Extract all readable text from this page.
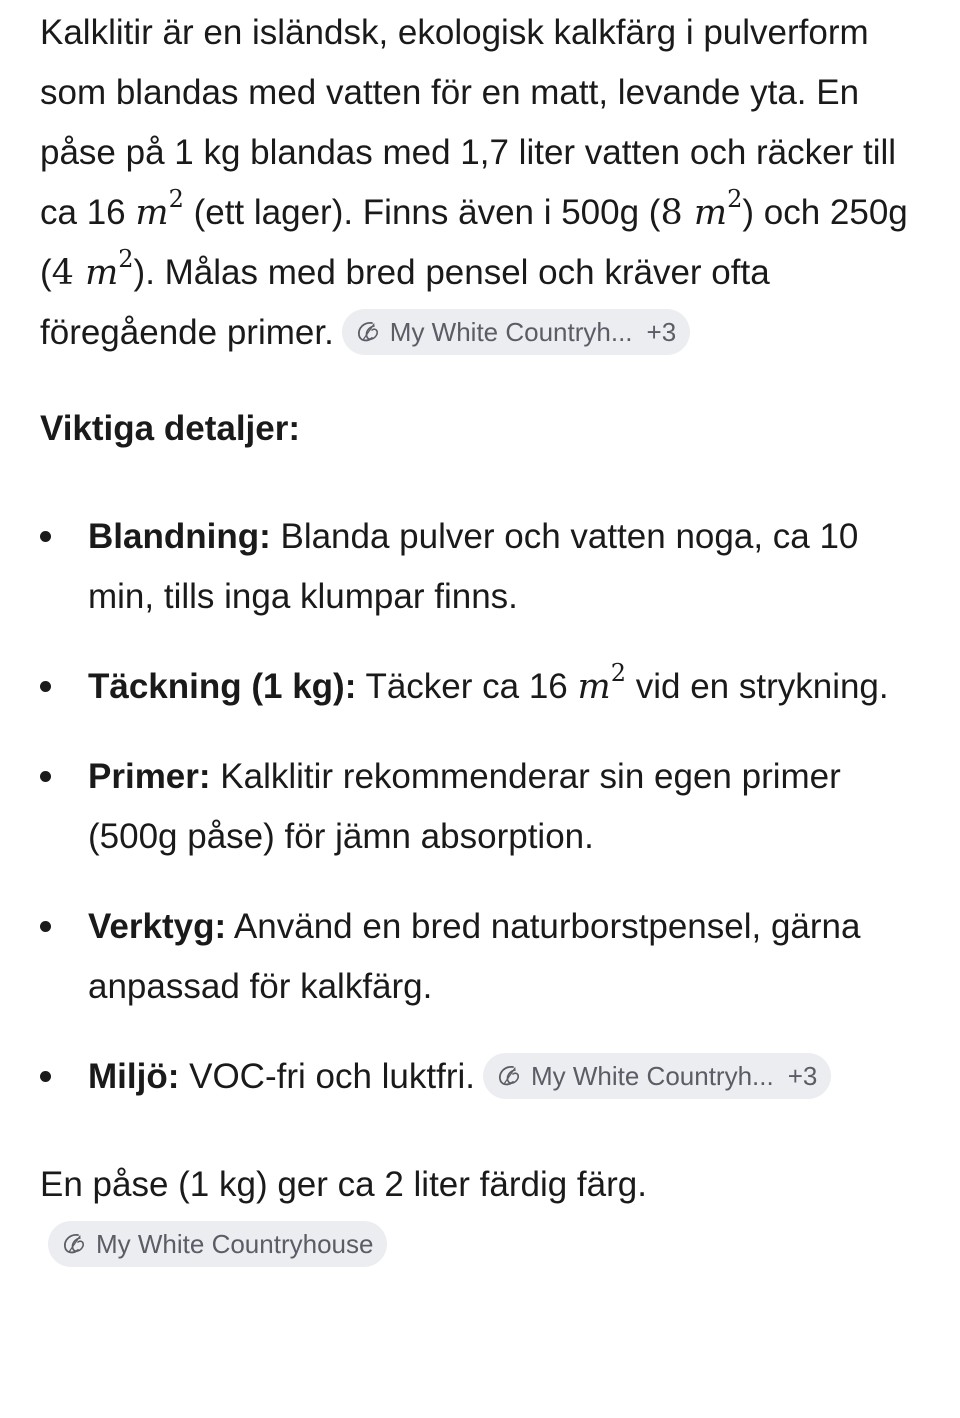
Kalklitir är en isländsk, ekologisk kalkfärg i pulverform som blandas med vatten för en matt, levande yta. En påse på 1 kg blandas med 1,7 liter vatten och räcker till ca 16 $m^2$ (ett lager). Finns även i 500g (8 $m^2$) och 250g (4 $m^2$). Målas med bred pensel och kräver ofta föregående primer. My White Countryh... +3

Viktiga detaljer:

Blandning: Blanda pulver och vatten noga, ca 10 min, tills inga klumpar finns.
Täckning (1 kg): Täcker ca 16 $m^2$ vid en strykning.
Primer: Kalklitir rekommenderar sin egen primer (500g påse) för jämn absorption.
Verktyg: Använd en bred naturborstpensel, gärna anpassad för kalkfärg.
Miljö: VOC-fri och luktfri. My White Countryh... +3

En påse (1 kg) ger ca 2 liter färdig färg.
My White Countryhouse
